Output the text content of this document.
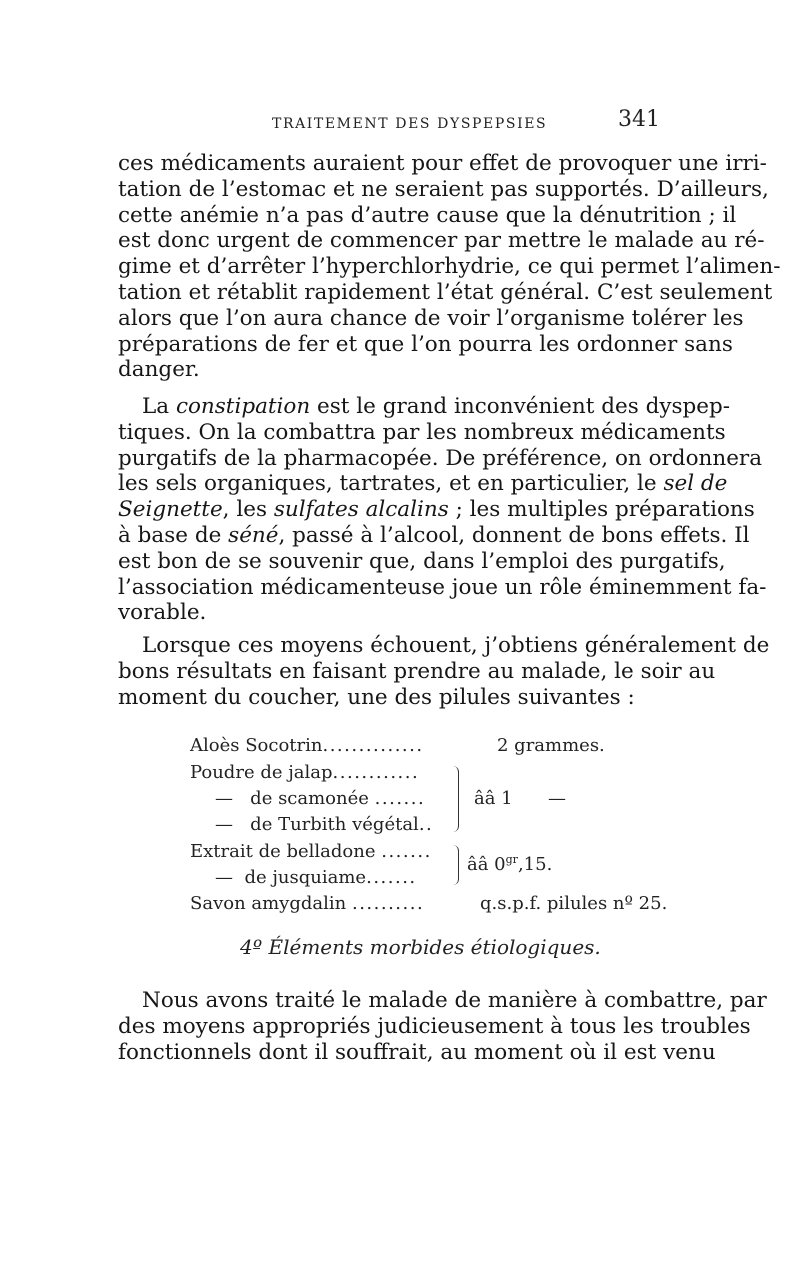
TRAITEMENT DES DYSPEPSIES	341
ces médicaments auraient pour effet de provoquer une irri-
tation de l’estomac et ne seraient pas supportés. D’ailleurs,
cette anémie n’a pas d’autre cause que la dénutrition ; il
est donc urgent de commencer par mettre le malade au ré-
gime et d’arrêter l’hyperchlorhydrie, ce qui permet l’alimen-
tation et rétablit rapidement l’état général. C’est seulement
alors que l’on aura chance de voir l’organisme tolérer les
préparations de fer et que l’on pourra les ordonner sans
danger.
La constipation est le grand inconvénient des dyspep-
tiques. On la combattra par les nombreux médicaments
purgatifs de la pharmacopée. De préférence, on ordonnera
les sels organiques, tartrates, et en particulier, le sel de
Seignette, les sulfates alcalins ; les multiples préparations
à base de séné, passé à l’alcool, donnent de bons effets. Il
est bon de se souvenir que, dans l’emploi des purgatifs,
l’association médicamenteuse joue un rôle éminemment fa-
vorable.
Lorsque ces moyens échouent, j’obtiens généralement de
bons résultats en faisant prendre au malade, le soir au
moment du coucher, une des pilules suivantes :
Aloès Socotrin..............	2 grammes.
Poudre de jalap............
— de scamonée .......
— de Turbith végétal..
ââ 1 —
Extrait de belladone .......
— de jusquiame.......
ââ $0^{gr},15$.
Savon amygdalin ..........	q.s.p.f. pilules nº 25.
4º Éléments morbides étiologiques.
Nous avons traité le malade de manière à combattre, par
des moyens appropriés judicieusement à tous les troubles
fonctionnels dont il souffrait, au moment où il est venu
